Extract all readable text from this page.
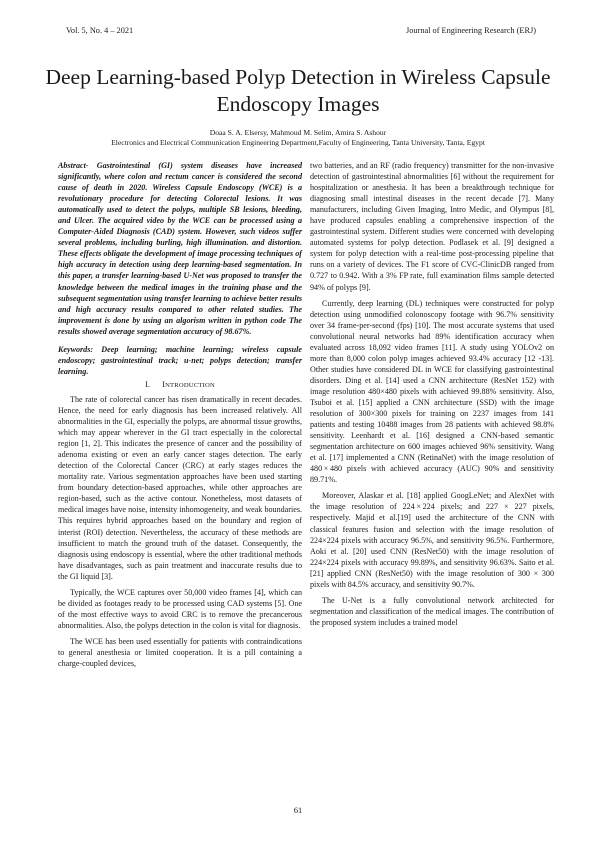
Vol. 5, No. 4 – 2021	Journal of Engineering Research (ERJ)
Deep Learning-based Polyp Detection in Wireless Capsule Endoscopy Images
Doaa S. A. Elsersy, Mahmoud M. Selim, Amira S. Ashour
Electronics and Electrical Communication Engineering Department,Faculty of Engineering, Tanta University, Tanta, Egypt

Abstract- Gastrointestinal (GI) system diseases have increased significantly, where colon and rectum cancer is considered the second cause of death in 2020. Wireless Capsule Endoscopy (WCE) is a revolutionary procedure for detecting Colorectal lesions. It was automatically used to detect the polyps, multiple SB lesions, bleeding, and Ulcer. The acquired video by the WCE can be processed using a Computer-Aided Diagnosis (CAD) system. However, such videos suffer several problems, including burling, high illumination. and distortion. These effects obligate the development of image processing techniques of high accuracy in detection using deep learning-based segmentation. In this paper, a transfer learning-based U-Net was proposed to transfer the knowledge between the medical images in the training phase and the subsequent segmentation using transfer learning to achieve better results and high accuracy results compared to other related studies. The improvement is done by using an algorism written in python code The results showed average segmentation accuracy of 98.67%.

Keywords: Deep learning; machine learning; wireless capsule endoscopy; gastrointestinal track; u-net; polyps detection; transfer learning.

I. INTRODUCTION

The rate of colorectal cancer has risen dramatically in recent decades. Hence, the need for early diagnosis has been increased relatively. All abnormalities in the GI, especially the polyps, are abnormal tissue growths, which may appear wherever in the GI tract especially in the colorectal region [1, 2]. This indicates the presence of cancer and the possibility of adenoma existing or even an early cancer stages detection. The early detection of the Colorectal Cancer (CRC) at early stages reduces the mortality rate. Various segmentation approaches have been used starting from boundary detection-based approaches, while other approaches are region-based, such as the active contour. Nonetheless, most datasets of medical images have noise, intensity inhomogeneity, and weak boundaries. This requires hybrid approaches based on the boundary and region of interist (ROI) detection. Nevertheless, the accuracy of these methods are insufficient to match the ground truth of the dataset. Consequently, the diagnosis using endoscopy is essential, where the other traditional methods have disadvantages, such as pain treatment and inaccurate results due to the GI liquid [3].

Typically, the WCE captures over 50,000 video frames [4], which can be divided as footages ready to be processed using CAD systems [5]. One of the most effective ways to avoid CRC is to remove the precancerous abnormalities. Also, the polyps detection in the colon is vital for diagnosis.

The WCE has been used essentially for patients with contraindications to general anesthesia or limited cooperation. It is a pill containing a charge-coupled devices,

two batteries, and an RF (radio frequency) transmitter for the non-invasive detection of gastrointestinal abnormalities [6] without the requirement for hospitalization or anesthesia. It has been a breakthrough technique for diagnosing small intestinal diseases in the recent decade [7]. Many manufacturers, including Given Imaging, Intro Medic, and Olympus [8], have produced capsules enabling a comprehensive inspection of the gastrointestinal system. Different studies were concerned with developing automated systems for polyp detection. Podlasek et al. [9] designed a system for polyp detection with a real-time post-processing pipeline that runs on a variety of devices. The F1 score of CVC-ClinicDB ranged from 0.727 to 0.942. With a 3% FP rate, full examination films sample detected 94% of polyps [9].

Currently, deep learning (DL) techniques were constructed for polyp detection using unmodified colonoscopy footage with 96.7% sensitivity over 34 frame-per-second (fps) [10]. The most accurate systems that used convolutional neural networks had 89% identification accuracy when evaluated across 18,092 video frames [11]. A study using YOLOv2 on more than 8,000 colon polyp images achieved 93.4% accuracy [12 -13]. Other studies have considered DL in WCE for classifying gastrointestinal disorders. Ding et al. [14] used a CNN architecture (ResNet 152) with image resolution 480×480 pixels with achieved 99.88% sensitivity. Also, Tsuboi et al. [15] applied a CNN architecture (SSD) with the image resolution of 300×300 pixels for training on 2237 images from 141 patients and testing 10488 images from 28 patients with achieved 98.8% sensitivity. Leenhardt et al. [16] designed a CNN-based semantic segmentation architecture on 600 images achieved 96% sensitivity. Wang et al. [17] implemented a CNN (RetinaNet) with the image resolution of 480 × 480 pixels with achieved accuracy (AUC) 90% and sensitivity 89.71%.

Moreover, Alaskar et al. [18] applied GoogLeNet; and AlexNet with the image resolution of 224 × 224 pixels; and 227 × 227 pixels, respectively. Majid et al.[19] used the architecture of the CNN with classical features fusion and selection with the image resolution of 224×224 pixels with accuracy 96.5%, and sensitivity 96.5%. Furthermore, Aoki et al. [20] used CNN (ResNet50) with the image resolution of 224×224 pixels with accuracy 99.89%, and sensitivity 96.63%. Saito et al. [21] applied CNN (ResNet50) with the image resolution of 300 × 300 pixels with 84.5% accuracy, and sensitivity 90.7%.

The U-Net is a fully convolutional network architected for segmentation and classification of the medical images. The contribution of the proposed system includes a trained model

61
